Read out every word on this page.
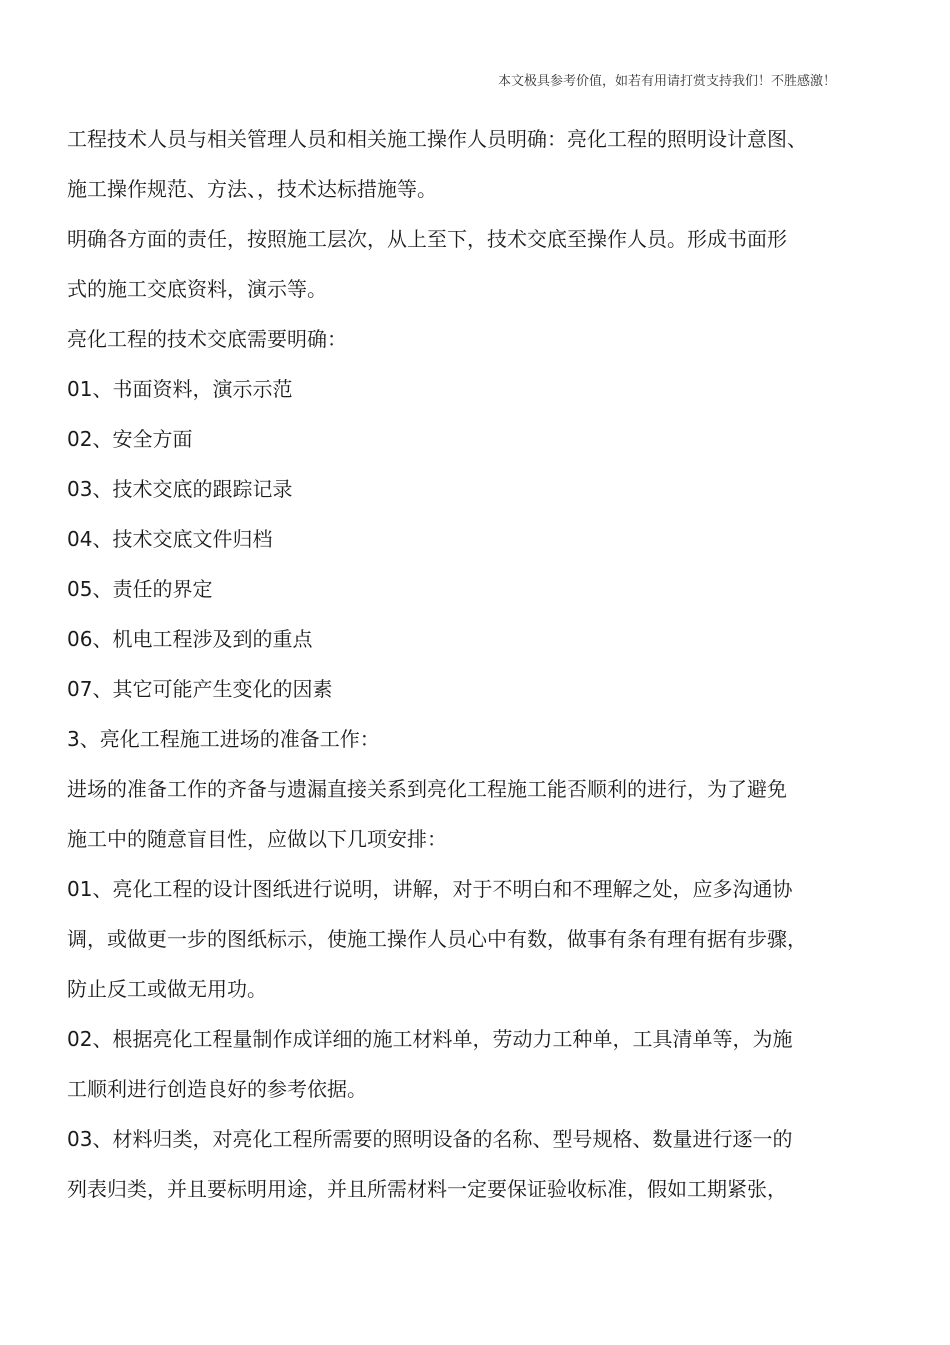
本文极具参考价值，如若有用请打赏支持我们！不胜感激！

工程技术人员与相关管理人员和相关施工操作人员明确：亮化工程的照明设计意图、
施工操作规范、方法、，技术达标措施等。

明确各方面的责任，按照施工层次，从上至下，技术交底至操作人员。形成书面形
式的施工交底资料，演示等。

亮化工程的技术交底需要明确：

01、书面资料，演示示范

02、安全方面

03、技术交底的跟踪记录

04、技术交底文件归档

05、责任的界定

06、机电工程涉及到的重点

07、其它可能产生变化的因素

3、亮化工程施工进场的准备工作：

进场的准备工作的齐备与遗漏直接关系到亮化工程施工能否顺利的进行，为了避免
施工中的随意盲目性，应做以下几项安排：

01、亮化工程的设计图纸进行说明，讲解，对于不明白和不理解之处，应多沟通协
调，或做更一步的图纸标示，使施工操作人员心中有数，做事有条有理有据有步骤，
防止反工或做无用功。

02、根据亮化工程量制作成详细的施工材料单，劳动力工种单，工具清单等，为施
工顺利进行创造良好的参考依据。

03、材料归类，对亮化工程所需要的照明设备的名称、型号规格、数量进行逐一的
列表归类，并且要标明用途，并且所需材料一定要保证验收标准，假如工期紧张，
